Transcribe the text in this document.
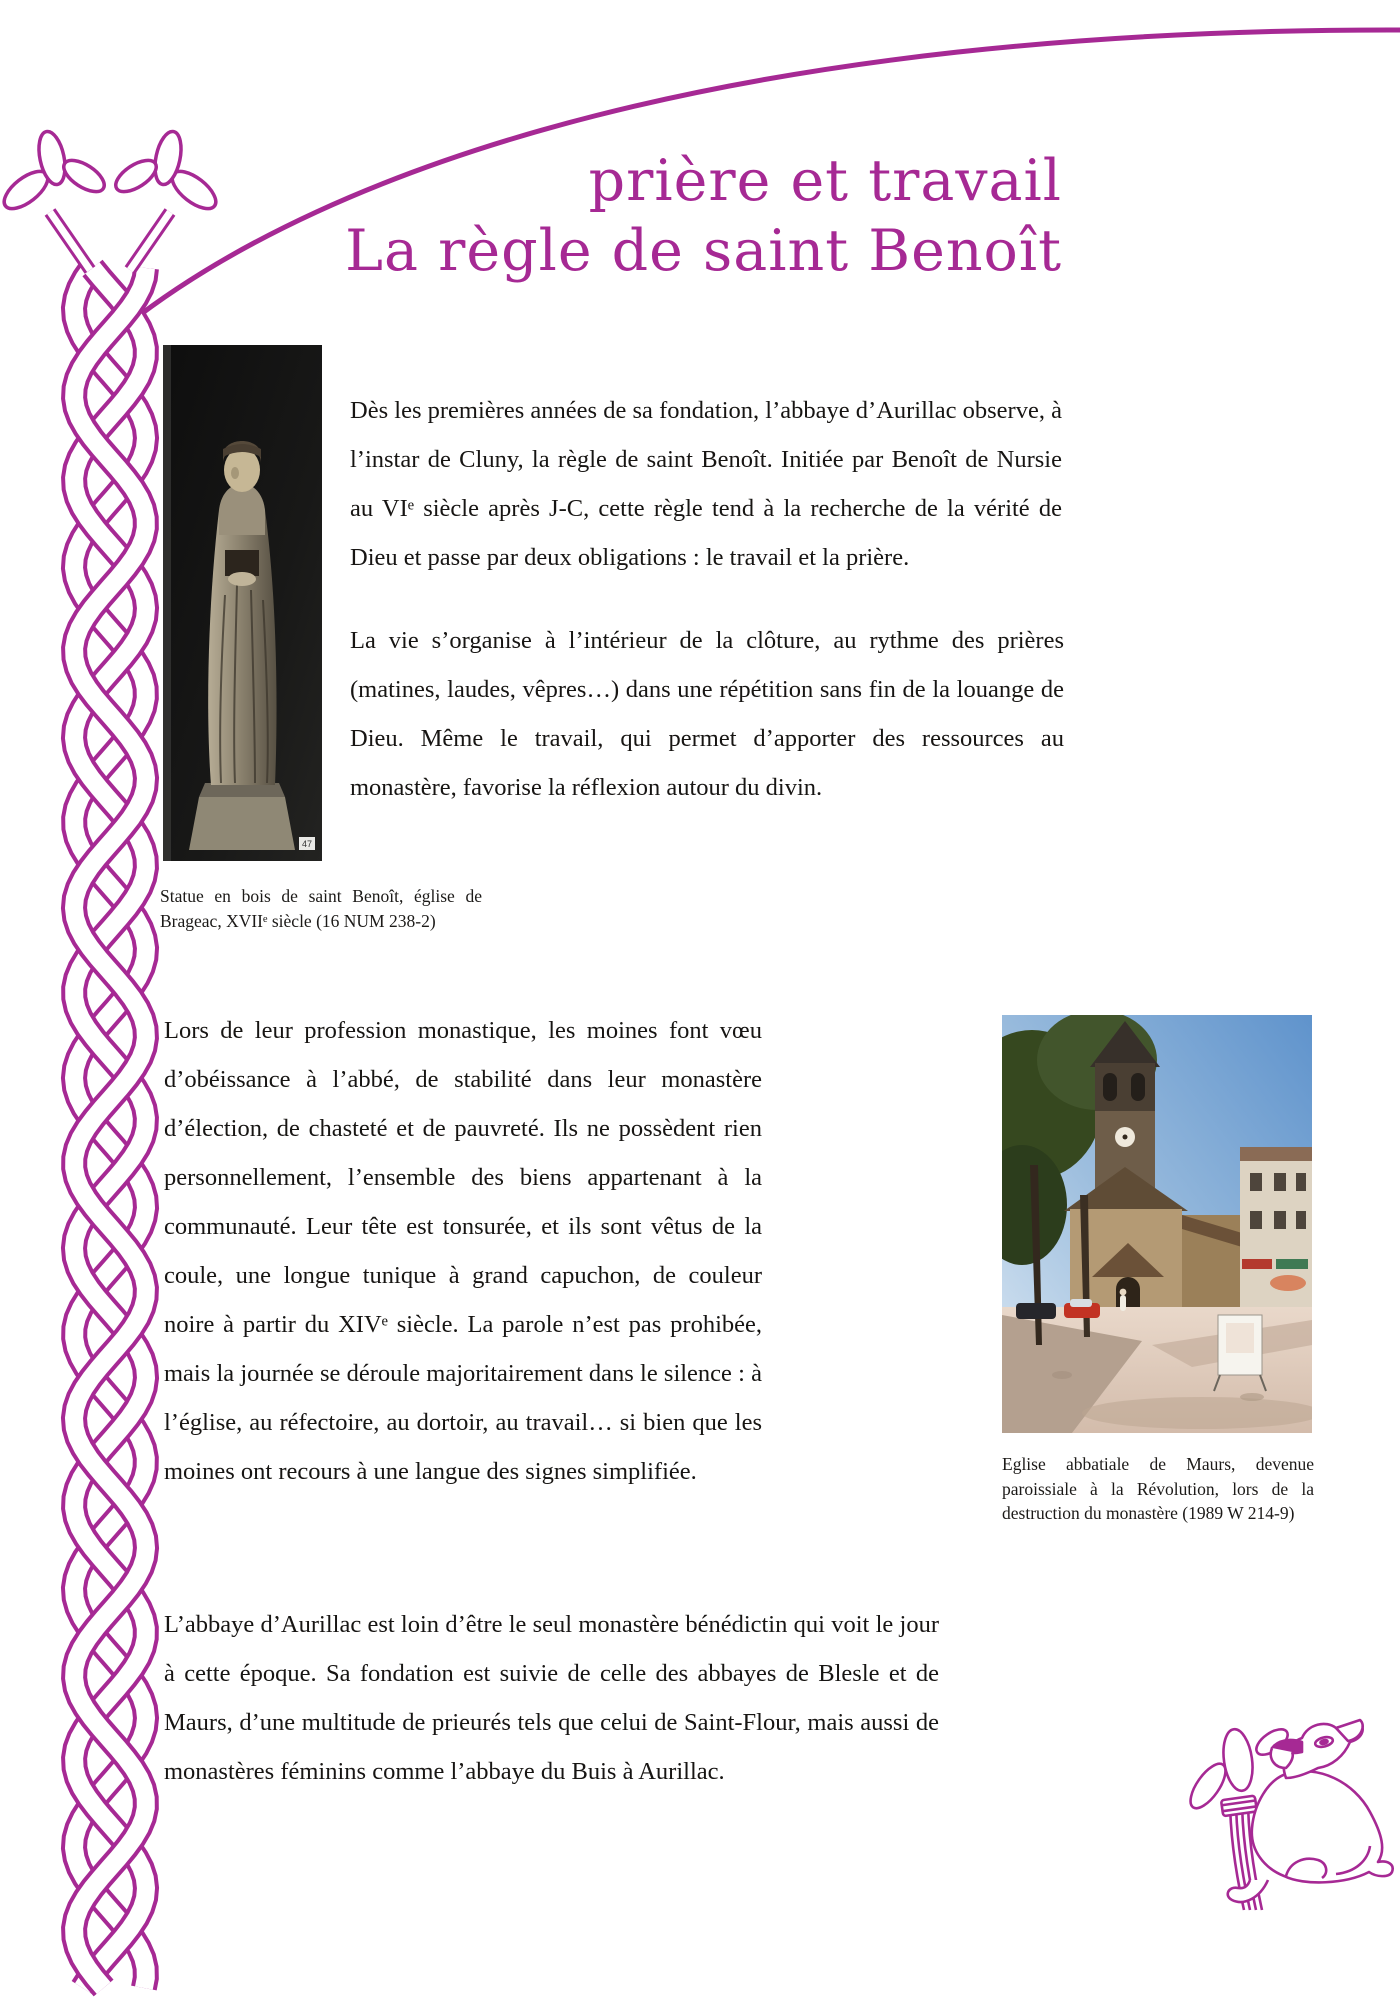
prière et travail
La règle de saint Benoît
47
Statue en bois de saint Benoît, église de Brageac, XVIIᵉ siècle (16 NUM 238-2)
Dès les premières années de sa fondation, l’abbaye d’Aurillac observe, à l’instar de Cluny, la règle de saint Benoît. Initiée par Benoît de Nursie au VIᵉ siècle après J-C, cette règle tend à la recherche de la vérité de Dieu et passe par deux obligations : le travail et la prière.
La vie s’organise à l’intérieur de la clôture, au rythme des prières (matines, laudes, vêpres…) dans une répétition sans fin de la louange de Dieu. Même le travail, qui permet d’apporter des ressources au monastère, favorise la réflexion autour du divin.
Lors de leur profession monastique, les moines font vœu d’obéissance à l’abbé, de stabilité dans leur monastère d’élection, de chasteté et de pauvreté. Ils ne possèdent rien personnellement, l’ensemble des biens appartenant à la communauté. Leur tête est tonsurée, et ils sont vêtus de la coule, une longue tunique à grand capuchon, de couleur noire à partir du XIVᵉ siècle. La parole n’est pas prohibée, mais la journée se déroule majoritairement dans le silence : à l’église, au réfectoire, au dortoir, au travail… si bien que les moines ont recours à une langue des signes simplifiée.	Eglise abbatiale de Maurs, devenue paroissiale à la Révolution, lors de la destruction du monastère (1989 W 214-9)
L’abbaye d’Aurillac est loin d’être le seul monastère bénédictin qui voit le jour à cette époque. Sa fondation est suivie de celle des abbayes de Blesle et de Maurs, d’une multitude de prieurés tels que celui de Saint-Flour, mais aussi de monastères féminins comme l’abbaye du Buis à Aurillac.
